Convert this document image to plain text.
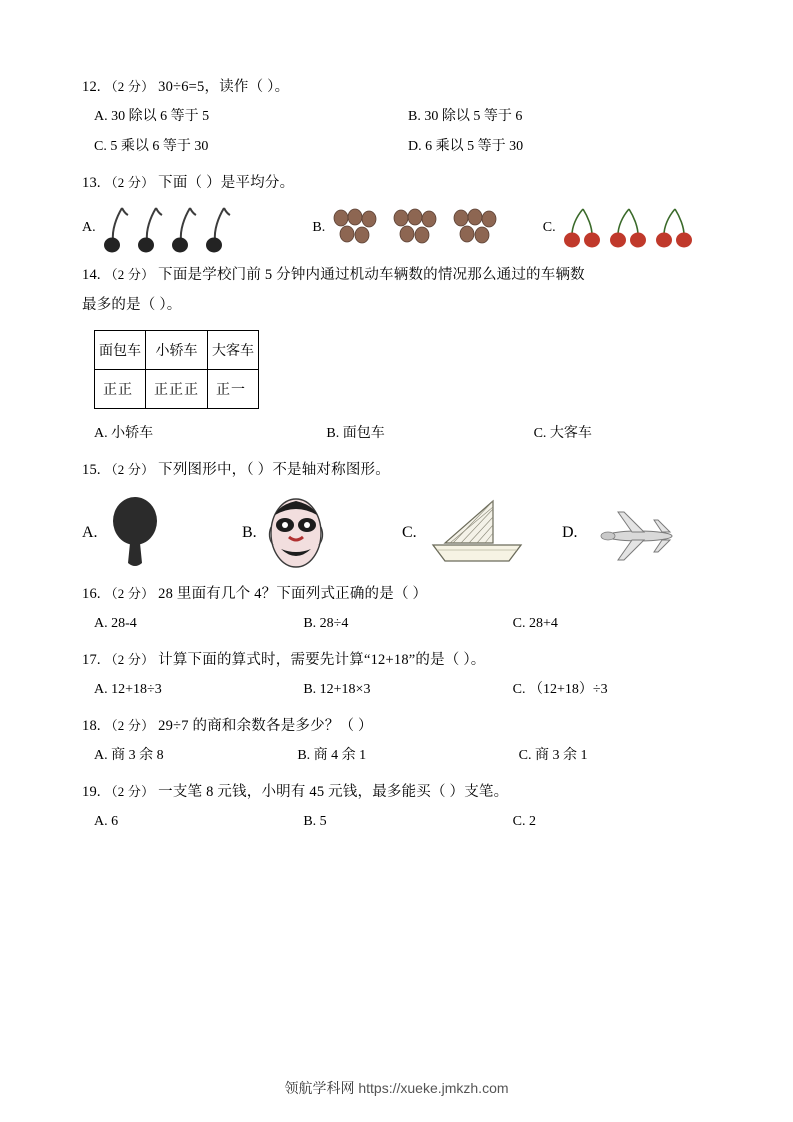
12. （2 分） 30÷6=5，读作（ ）。
A. 30 除以 6 等于 5	B. 30 除以 5 等于 6
C. 5 乘以 6 等于 30	D. 6 乘以 5 等于 30
13. （2 分） 下面（ ）是平均分。
A.	B.	C.
14. （2 分） 下面是学校门前 5 分钟内通过机动车辆数的情况那么通过的车辆数
最多的是（ ）。
面包车	小轿车	大客车
正正	正正正	正一
A. 小轿车	B. 面包车	C. 大客车
15. （2 分） 下列图形中，（ ）不是轴对称图形。
A.	B.	C.	D.
16. （2 分） 28 里面有几个 4？下面列式正确的是（ ）
A. 28-4	B. 28÷4	C. 28+4
17. （2 分） 计算下面的算式时，需要先计算“12+18”的是（ ）。
A. 12+18÷3	B. 12+18×3	C. （12+18）÷3
18. （2 分） 29÷7 的商和余数各是多少？（ ）
A. 商 3 余 8	B. 商 4 余 1	C. 商 3 余 1
19. （2 分） 一支笔 8 元钱，小明有 45 元钱，最多能买（ ）支笔。
A. 6	B. 5	C. 2
领航学科网 https://xueke.jmkzh.com
